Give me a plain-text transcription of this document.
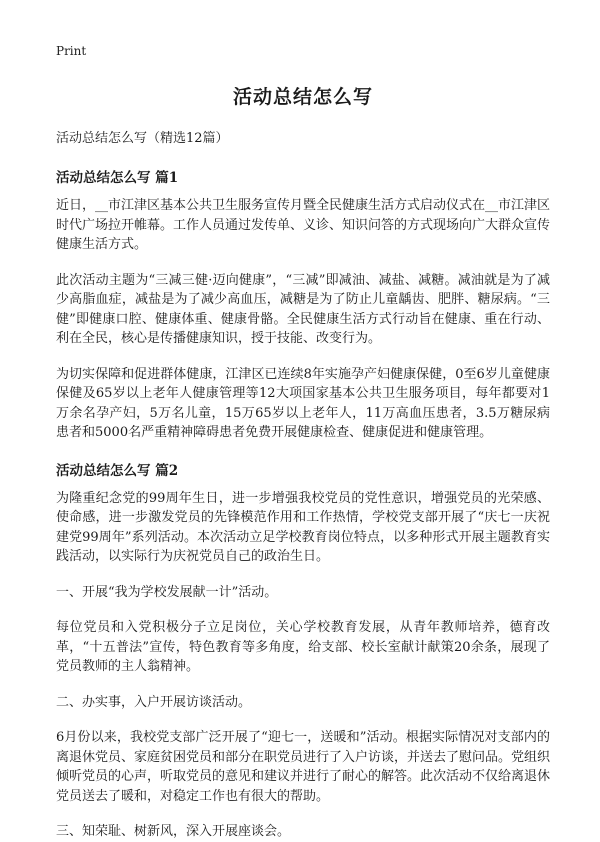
Print
活动总结怎么写

活动总结怎么写（精选12篇）

活动总结怎么写 篇1

近日，__市江津区基本公共卫生服务宣传月暨全民健康生活方式启动仪式在__市江津区时代广场拉开帷幕。工作人员通过发传单、义诊、知识问答的方式现场向广大群众宣传健康生活方式。

此次活动主题为“三减三健·迈向健康”，“三减”即减油、减盐、减糖。减油就是为了减少高脂血症，减盐是为了减少高血压，减糖是为了防止儿童龋齿、肥胖、糖尿病。“三健”即健康口腔、健康体重、健康骨骼。全民健康生活方式行动旨在健康、重在行动、利在全民，核心是传播健康知识，授于技能、改变行为。

为切实保障和促进群体健康，江津区已连续8年实施孕产妇健康保健，0至6岁儿童健康保健及65岁以上老年人健康管理等12大项国家基本公共卫生服务项目，每年都要对1万余名孕产妇，5万名儿童，15万65岁以上老年人，11万高血压患者，3.5万糖尿病患者和5000名严重精神障碍患者免费开展健康检查、健康促进和健康管理。

活动总结怎么写 篇2

为隆重纪念党的99周年生日，进一步增强我校党员的党性意识，增强党员的光荣感、使命感，进一步激发党员的先锋模范作用和工作热情，学校党支部开展了“庆七一庆祝建党99周年”系列活动。本次活动立足学校教育岗位特点，以多种形式开展主题教育实践活动，以实际行为庆祝党员自己的政治生日。

一、开展“我为学校发展献一计”活动。

每位党员和入党积极分子立足岗位，关心学校教育发展，从青年教师培养，德育改革，“十五普法”宣传，特色教育等多角度，给支部、校长室献计献策20余条，展现了党员教师的主人翁精神。

二、办实事，入户开展访谈活动。

6月份以来，我校党支部广泛开展了“迎七一，送暖和”活动。根据实际情况对支部内的离退休党员、家庭贫困党员和部分在职党员进行了入户访谈，并送去了慰问品。党组织倾听党员的心声，听取党员的意见和建议并进行了耐心的解答。此次活动不仅给离退休党员送去了暖和，对稳定工作也有很大的帮助。

三、知荣耻、树新风，深入开展座谈会。
